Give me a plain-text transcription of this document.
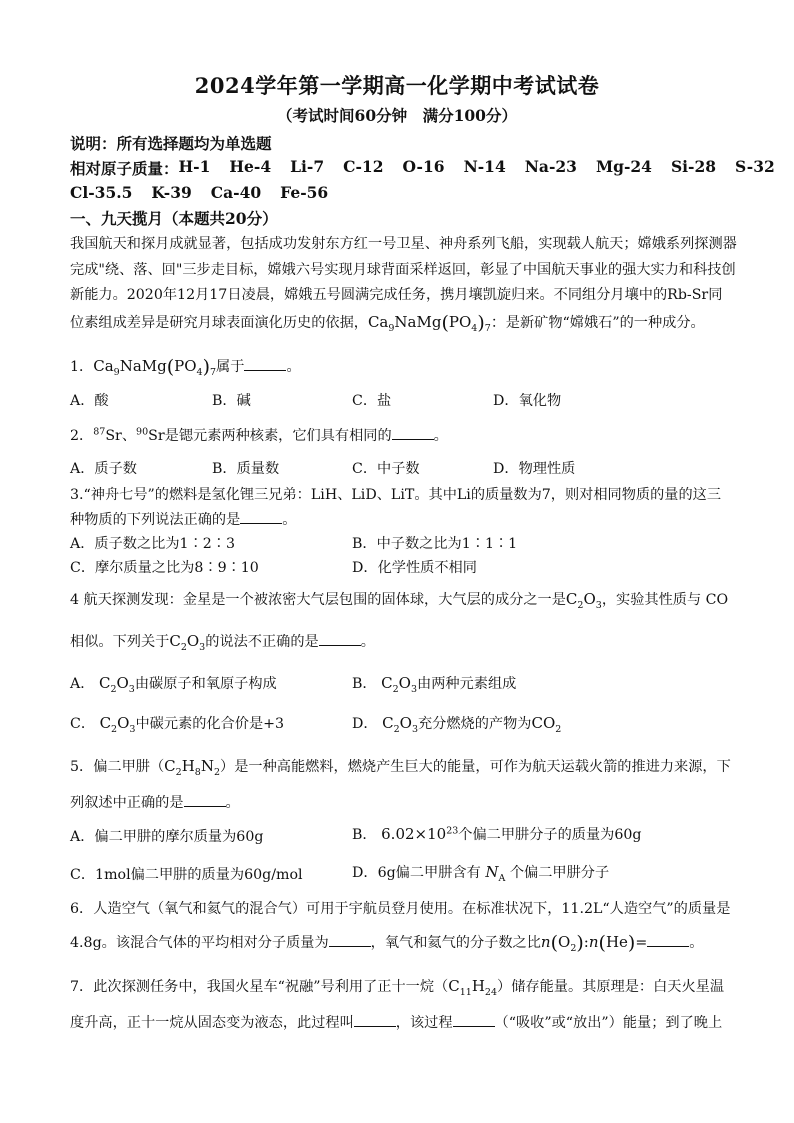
2024学年第一学期高一化学期中考试试卷
（考试时间60分钟　满分100分）
说明：所有选择题均为单选题
相对原子质量： H-1 He-4 Li-7 C-12 O-16 N-14 Na-23 Mg-24 Si-28 S-32
Cl-35.5 K-39 Ca-40 Fe-56
一、九天揽月（本题共20分）
我国航天和探月成就显著，包括成功发射东方红一号卫星、神舟系列飞船，实现载人航天；嫦娥系列探测器
完成"绕、落、回"三步走目标，嫦娥六号实现月球背面采样返回，彰显了中国航天事业的强大实力和科技创
新能力。2020年12月17日凌晨，嫦娥五号圆满完成任务，携月壤凯旋归来。不同组分月壤中的Rb-Sr同
位素组成差异是研究月球表面演化历史的依据，$Ca_9NaMg(PO_4)_7$：是新矿物“嫦娥石”的一种成分。
1．$Ca_9NaMg(PO_4)_7$属于	。
A．酸	B．碱	C．盐	D．氧化物
2．$^{87}$Sr、$^{90}$Sr是锶元素两种核素，它们具有相同的	。
A．质子数	B．质量数	C．中子数	D．物理性质
3.“神舟七号”的燃料是氢化锂三兄弟：LiH、LiD、LiT。其中Li的质量数为7，则对相同物质的量的这三
种物质的下列说法正确的是	。
A．质子数之比为1∶2∶3	B．中子数之比为1∶1∶1
C．摩尔质量之比为8∶9∶10	D．化学性质不相同
4 航天探测发现：金星是一个被浓密大气层包围的固体球，大气层的成分之一是$C_2O_3$，实验其性质与 CO
相似。下列关于$C_2O_3$的说法不正确的是	。
A． $C_2O_3$由碳原子和氧原子构成	B． $C_2O_3$由两种元素组成
C． $C_2O_3$中碳元素的化合价是+3	D． $C_2O_3$充分燃烧的产物为$CO_2$
5．偏二甲肼$(C_2H_8N_2)$是一种高能燃料，燃烧产生巨大的能量，可作为航天运载火箭的推进力来源，下
列叙述中正确的是	。
A．偏二甲肼的摩尔质量为60g	B． $6.02\times 10^{23}$个偏二甲肼分子的质量为60g
C．1mol偏二甲肼的质量为60g/mol	D．6g偏二甲肼含有 $N_A$ 个偏二甲肼分子
6．人造空气（氧气和氦气的混合气）可用于宇航员登月使用。在标准状况下，11.2L“人造空气”的质量是
4.8g。该混合气体的平均相对分子质量为	，氧气和氦气的分子数之比$n(O_2):n(He)=$	。
7．此次探测任务中，我国火星车“祝融”号利用了正十一烷$(C_{11}H_{24})$储存能量。其原理是：白天火星温
度升高，正十一烷从固态变为液态，此过程叫	，该过程	（“吸收”或“放出”）能量；到了晚上
